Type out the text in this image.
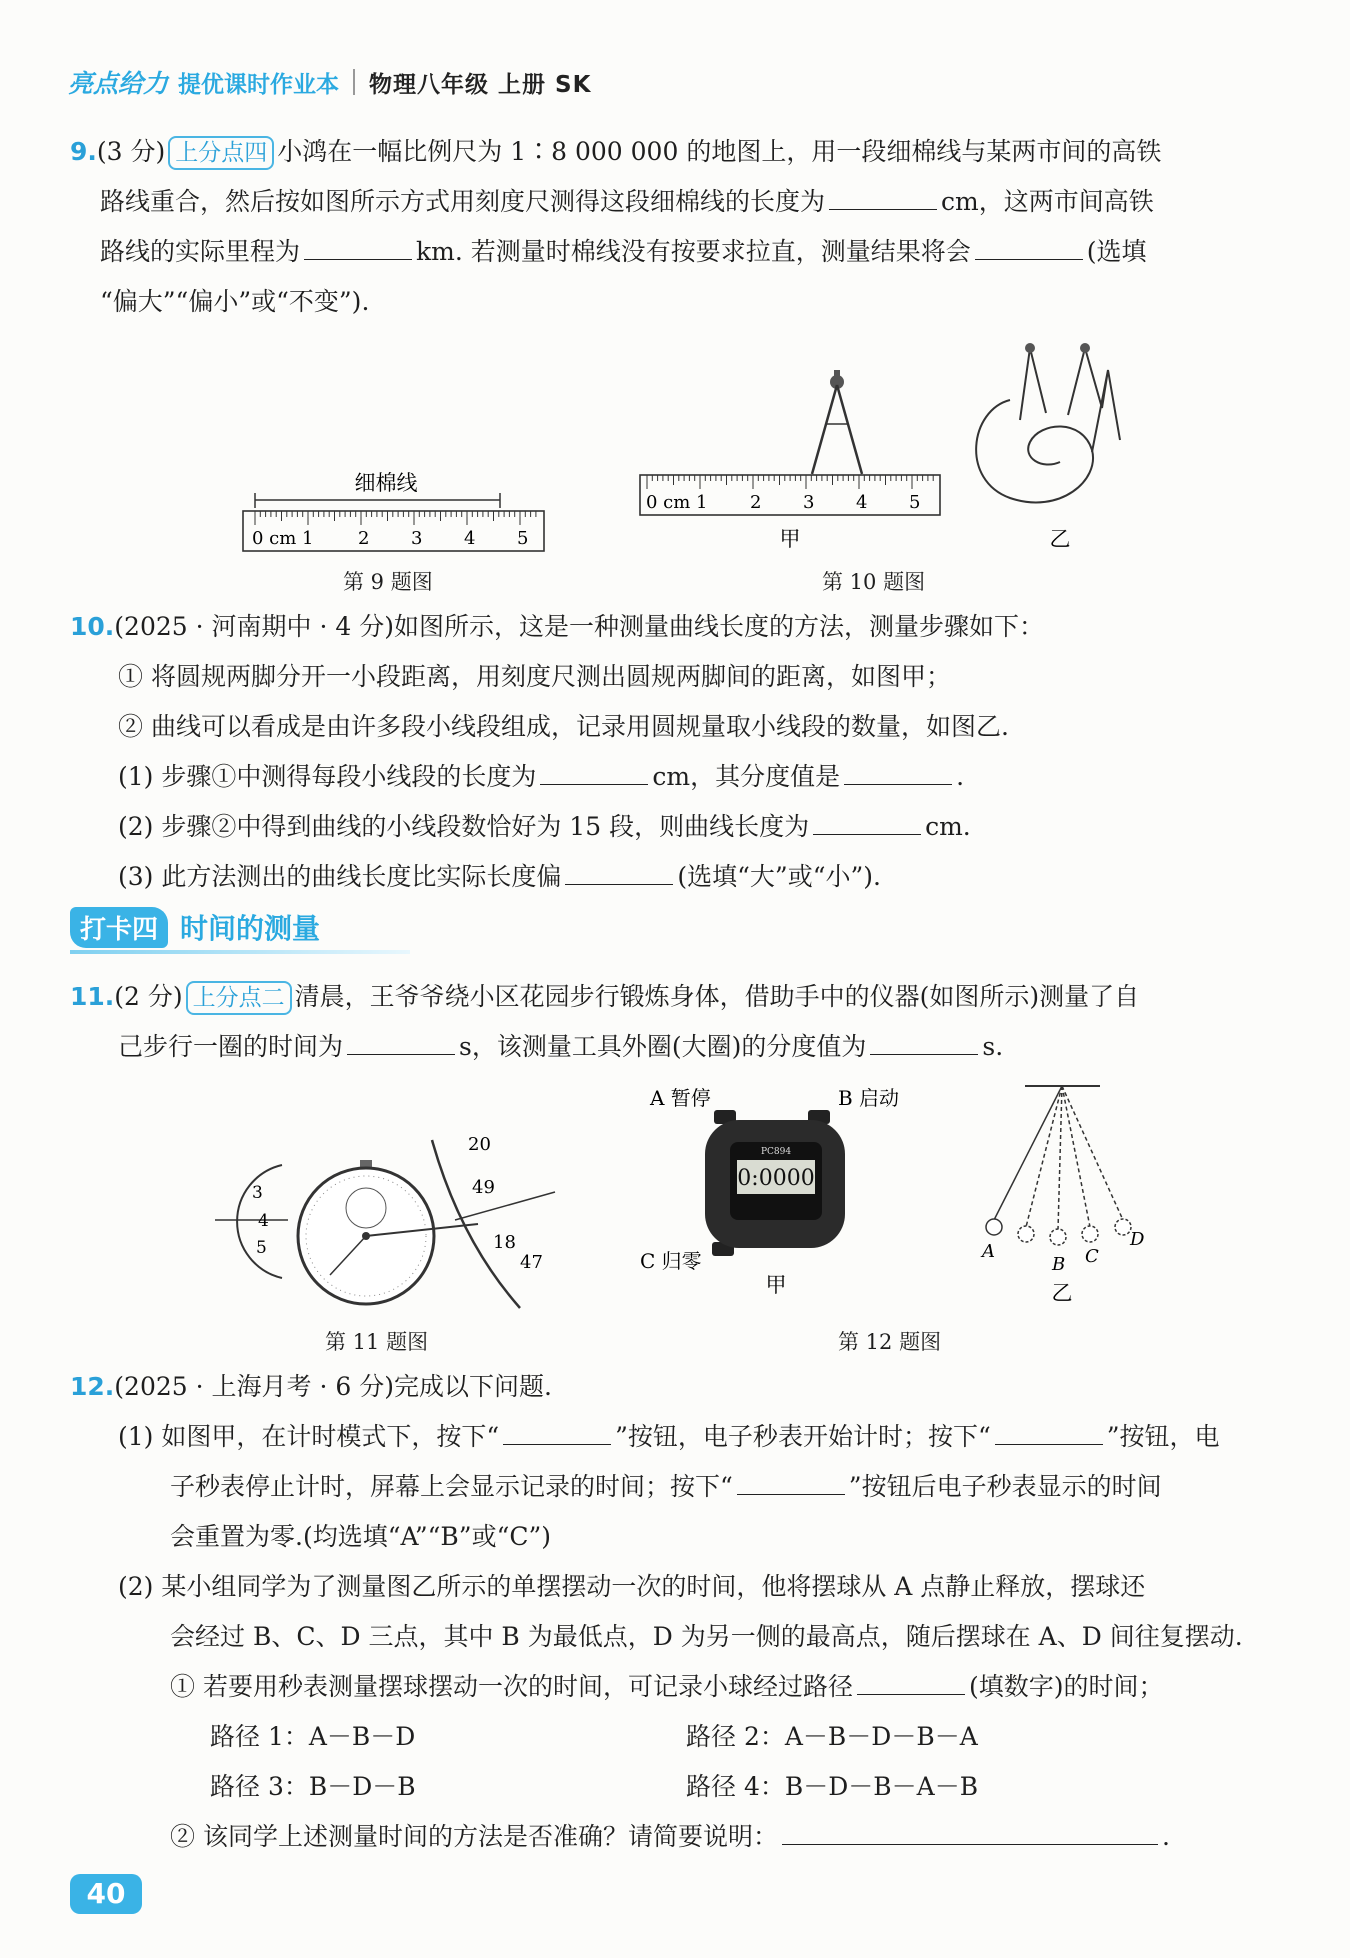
亮点给力 提优课时作业本 物理八年级 上册 SK
9.(3 分) 上分点四 小鸿在一幅比例尺为 1∶8 000 000 的地图上，用一段细棉线与某两市间的高铁
路线重合，然后按如图所示方式用刻度尺测得这段细棉线的长度为	cm，这两市间高铁
路线的实际里程为	km. 若测量时棉线没有按要求拉直，测量结果将会	(选填
“偏大”“偏小”或“不变”).
细棉线
0 cm 1 2 3 4 5
第 9 题图
0 cm 1 2 3 4 5
甲	乙
第 10 题图
10.(2025 · 河南期中 · 4 分)如图所示，这是一种测量曲线长度的方法，测量步骤如下：
① 将圆规两脚分开一小段距离，用刻度尺测出圆规两脚间的距离，如图甲；
② 曲线可以看成是由许多段小线段组成，记录用圆规量取小线段的数量，如图乙.
(1) 步骤①中测得每段小线段的长度为	cm，其分度值是	.
(2) 步骤②中得到曲线的小线段数恰好为 15 段，则曲线长度为	cm.
(3) 此方法测出的曲线长度比实际长度偏	(选填“大”或“小”).
打卡四 时间的测量
11.(2 分) 上分点二 清晨，王爷爷绕小区花园步行锻炼身体，借助手中的仪器(如图所示)测量了自
己步行一圈的时间为	s，该测量工具外圈(大圈)的分度值为	s.
3
4
5
20
49
18
47
第 11 题图
A 暂停	B 启动
C 归零
PC894
0:0000
甲
A
B C
D
乙
第 12 题图
12.(2025 · 上海月考 · 6 分)完成以下问题.
(1) 如图甲，在计时模式下，按下“	”按钮，电子秒表开始计时；按下“	”按钮，电
子秒表停止计时，屏幕上会显示记录的时间；按下“	”按钮后电子秒表显示的时间
会重置为零.(均选填“A”“B”或“C”)
(2) 某小组同学为了测量图乙所示的单摆摆动一次的时间，他将摆球从 A 点静止释放，摆球还
会经过 B、C、D 三点，其中 B 为最低点，D 为另一侧的最高点，随后摆球在 A、D 间往复摆动.
① 若要用秒表测量摆球摆动一次的时间，可记录小球经过路径	(填数字)的时间；
路径 1：A－B－D	路径 2：A－B－D－B－A
路径 3：B－D－B	路径 4：B－D－B－A－B
② 该同学上述测量时间的方法是否准确？请简要说明：	.
40
